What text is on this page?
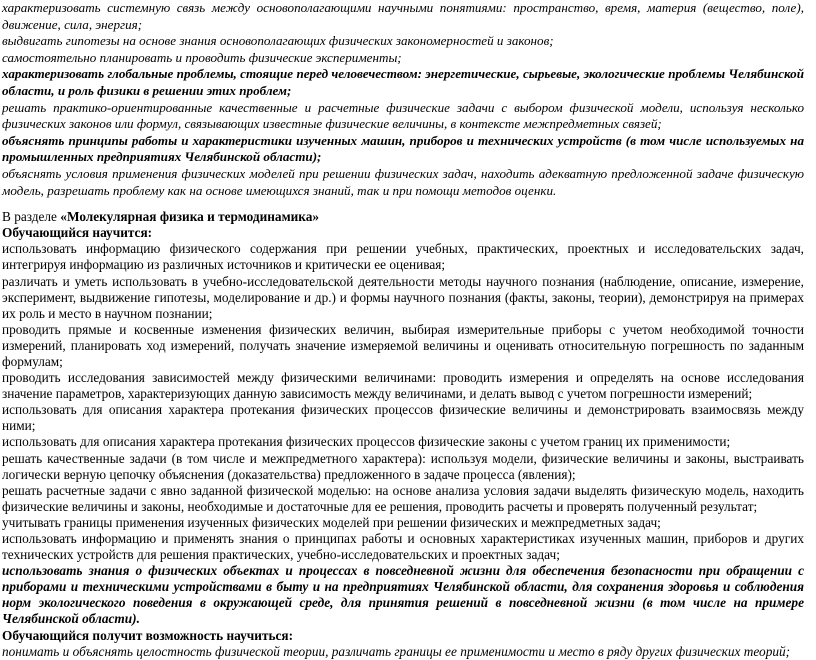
характеризовать системную связь между основополагающими научными понятиями: пространство, время, материя (вещество, поле), движение, сила, энергия;

выдвигать гипотезы на основе знания основополагающих физических закономерностей и законов;

самостоятельно планировать и проводить физические эксперименты;

характеризовать глобальные проблемы, стоящие перед человечеством: энергетические, сырьевые, экологические проблемы Челябинской области, и роль физики в решении этих проблем;

решать практико-ориентированные качественные и расчетные физические задачи с выбором физической модели, используя несколько физических законов или формул, связывающих известные физические величины, в контексте межпредметных связей;

объяснять принципы работы и характеристики изученных машин, приборов и технических устройств (в том числе используемых на промышленных предприятиях Челябинской области);

объяснять условия применения физических моделей при решении физических задач, находить адекватную предложенной задаче физическую модель, разрешать проблему как на основе имеющихся знаний, так и при помощи методов оценки.

В разделе «Молекулярная физика и термодинамика»

Обучающийся научится:

использовать информацию физического содержания при решении учебных, практических, проектных и исследовательских задач, интегрируя информацию из различных источников и критически ее оценивая;

различать и уметь использовать в учебно-исследовательской деятельности методы научного познания (наблюдение, описание, измерение, эксперимент, выдвижение гипотезы, моделирование и др.) и формы научного познания (факты, законы, теории), демонстрируя на примерах их роль и место в научном познании;

проводить прямые и косвенные изменения физических величин, выбирая измерительные приборы с учетом необходимой точности измерений, планировать ход измерений, получать значение измеряемой величины и оценивать относительную погрешность по заданным формулам;

проводить исследования зависимостей между физическими величинами: проводить измерения и определять на основе исследования значение параметров, характеризующих данную зависимость между величинами, и делать вывод с учетом погрешности измерений;

использовать для описания характера протекания физических процессов физические величины и демонстрировать взаимосвязь между ними;

использовать для описания характера протекания физических процессов физические законы с учетом границ их применимости;

решать качественные задачи (в том числе и межпредметного характера): используя модели, физические величины и законы, выстраивать логически верную цепочку объяснения (доказательства) предложенного в задаче процесса (явления);

решать расчетные задачи с явно заданной физической моделью: на основе анализа условия задачи выделять физическую модель, находить физические величины и законы, необходимые и достаточные для ее решения, проводить расчеты и проверять полученный результат;

учитывать границы применения изученных физических моделей при решении физических и межпредметных задач;

использовать информацию и применять знания о принципах работы и основных характеристиках изученных машин, приборов и других технических устройств для решения практических, учебно-исследовательских и проектных задач;

использовать знания о физических объектах и процессах в повседневной жизни для обеспечения безопасности при обращении с приборами и техническими устройствами в быту и на предприятиях Челябинской области, для сохранения здоровья и соблюдения норм экологического поведения в окружающей среде, для принятия решений в повседневной жизни (в том числе на примере Челябинской области).

Обучающийся получит возможность научиться:

понимать и объяснять целостность физической теории, различать границы ее применимости и место в ряду других физических теорий;
